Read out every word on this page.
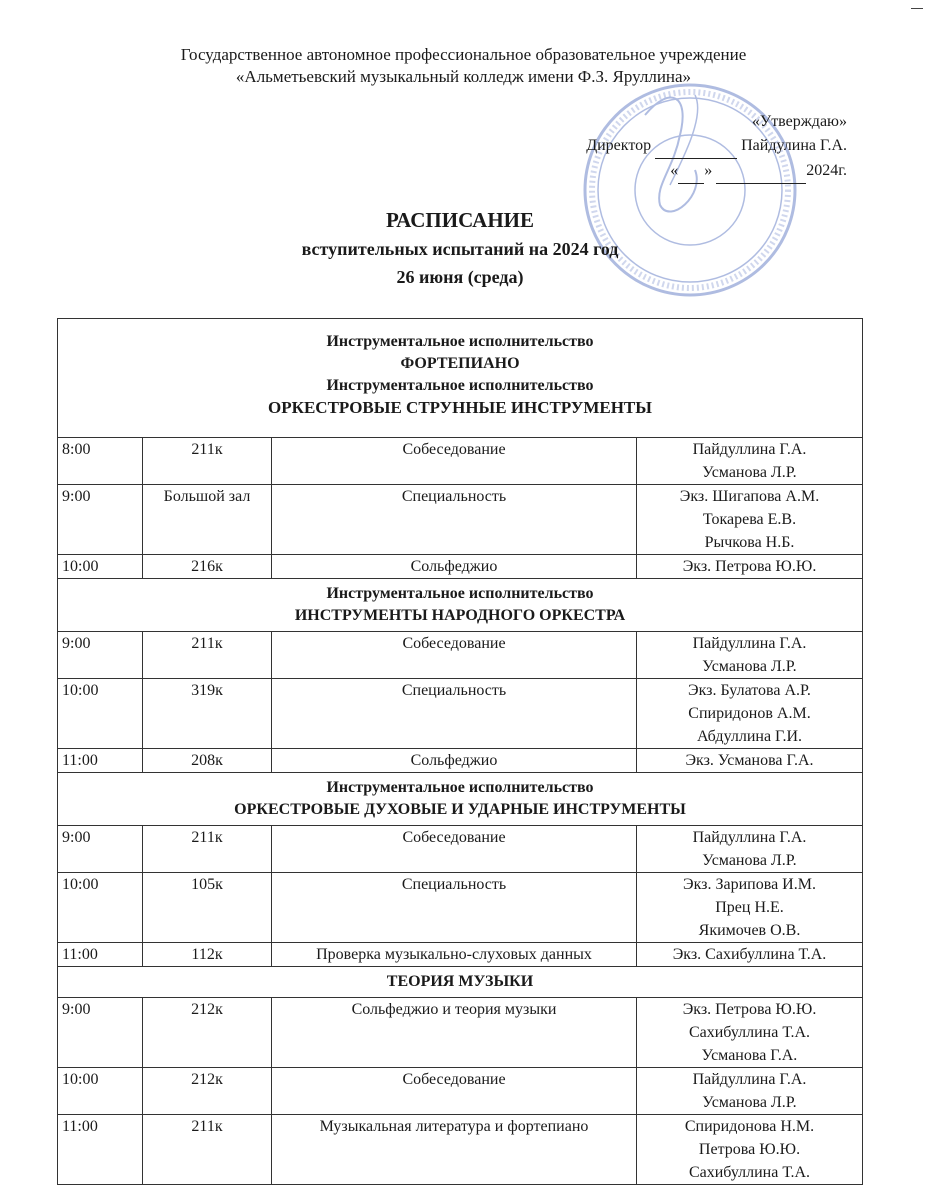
Государственное автономное профессиональное образовательное учреждение
«Альметьевский музыкальный колледж имени Ф.З. Яруллина»
«Утверждаю»
Директор	Пайдулина Г.А.
« »	2024г.
РАСПИСАНИЕ
вступительных испытаний на 2024 год
26 июня (среда)
Инструментальное исполнительство
ФОРТЕПИАНО
Инструментальное исполнительство
ОРКЕСТРОВЫЕ СТРУННЫЕ ИНСТРУМЕНТЫ			

8:00	211к	Собеседование	Пайдуллина Г.А.
Усманова Л.Р.

9:00	Большой зал	Специальность	Экз. Шигапова А.М.
Токарева Е.В.
Рычкова Н.Б.

10:00	216к	Сольфеджио	Экз. Петрова Ю.Ю.

Инструментальное исполнительство
ИНСТРУМЕНТЫ НАРОДНОГО ОРКЕСТРА			

9:00	211к	Собеседование	Пайдуллина Г.А.
Усманова Л.Р.

10:00	319к	Специальность	Экз. Булатова А.Р.
Спиридонов А.М.
Абдуллина Г.И.

11:00	208к	Сольфеджио	Экз. Усманова Г.А.

Инструментальное исполнительство
ОРКЕСТРОВЫЕ ДУХОВЫЕ И УДАРНЫЕ ИНСТРУМЕНТЫ			

9:00	211к	Собеседование	Пайдуллина Г.А.
Усманова Л.Р.

10:00	105к	Специальность	Экз. Зарипова И.М.
Прец Н.Е.
Якимочев О.В.

11:00	112к	Проверка музыкально-слуховых данных	Экз. Сахибуллина Т.А.

ТЕОРИЯ МУЗЫКИ			

9:00	212к	Сольфеджио и теория музыки	Экз. Петрова Ю.Ю.
Сахибуллина Т.А.
Усманова Г.А.

10:00	212к	Собеседование	Пайдуллина Г.А.
Усманова Л.Р.

11:00	211к	Музыкальная литература и фортепиано	Спиридонова Н.М.
Петрова Ю.Ю.
Сахибуллина Т.А.
